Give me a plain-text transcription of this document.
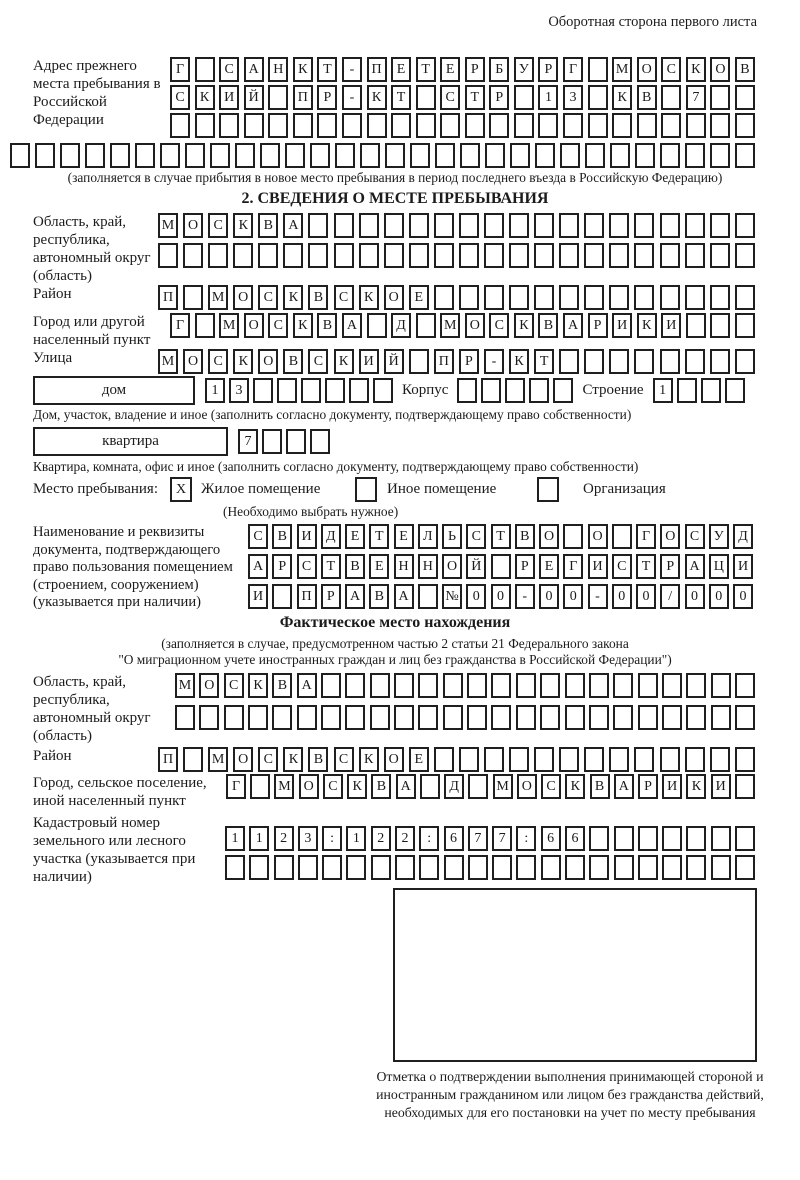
Оборотная сторона первого листа
Адрес прежнего места пребывания в Российской Федерации
Г	С	А	Н	К	Т	-	П	Е	Т	Е	Р	Б	У	Р	Г	М О	С	К	О	В
С	К	И	Й	П	Р	-	К	Т	С	Т	Р	1	3	К	В	7
(заполняется в случае прибытия в новое место пребывания в период последнего въезда в Российскую Федерацию)
2. СВЕДЕНИЯ О МЕСТЕ ПРЕБЫВАНИЯ
Область, край, республика, автономный округ (область)
М О	С	К	В	А
Район	П	М О	С	К	В	С	К	О	Е
Город или другой населенный пункт
Г	М О	С	К	В	А	Д	М О	С	К	В	А	Р	И	К	И
Улица	М О	С	К	О	В	С	К	И	Й	П	Р	-	К	Т
дом	1	3	Корпус	Строение	1
Дом, участок, владение и иное (заполнить согласно документу, подтверждающему право собственности)
квартира	7
Квартира, комната, офис и иное (заполнить согласно документу, подтверждающему право собственности)
Место пребывания:	X Жилое помещение	Иное помещение	Организация
(Необходимо выбрать нужное)
Наименование и реквизиты документа, подтверждающего право пользования помещением (строением, сооружением) (указывается при наличии)
С	В	И	Д	Е	Т	Е	Л	Ь	С	Т	В	О	О	Г	О	С	У	Д
А	Р	С	Т	В	Е	Н	Н	О	Й	Р	Е	Г	И	С	Т	Р	А	Ц	И
И	П	Р	А	В	А	№	0	0	-	0	0	-	0	0	/	0	0	0
Фактическое место нахождения
(заполняется в случае, предусмотренном частью 2 статьи 21 Федерального закона
"О миграционном учете иностранных граждан и лиц без гражданства в Российской Федерации")
Область, край, республика, автономный округ (область)
М О	С	К	В	А
Район	П	М О	С	К	В	С	К	О	Е
Город, сельское поселение, иной населенный пункт
Г	М О	С	К	В	А	Д	М О	С	К	В	А	Р	И	К	И
Кадастровый номер земельного или лесного участка (указывается при наличии)
1	1	2	3	:	1	2	2	:	6	7	7	:	6	6
Отметка о подтверждении выполнения принимающей стороной и иностранным гражданином или лицом без гражданства действий, необходимых для его постановки на учет по месту пребывания
